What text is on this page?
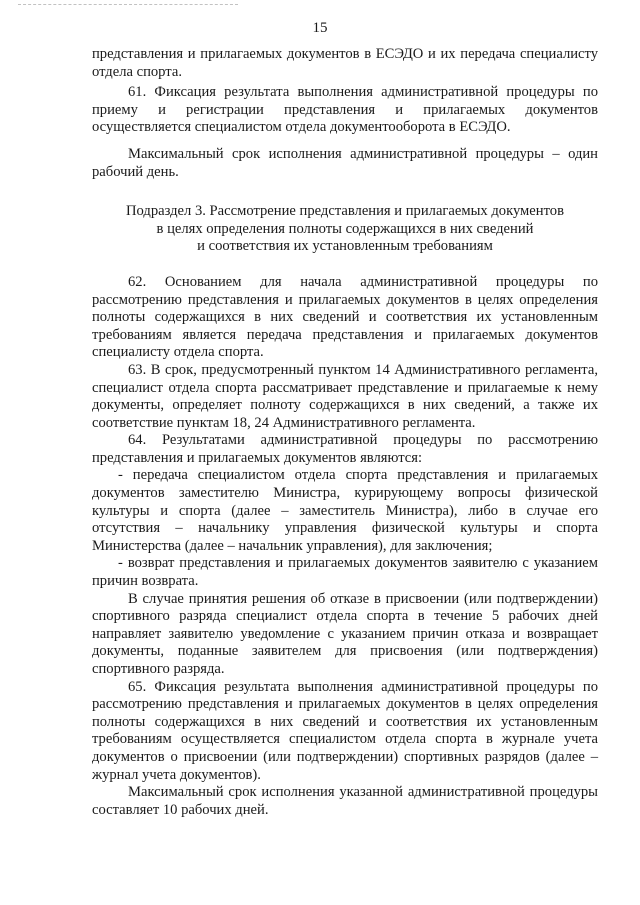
15

представления и прилагаемых документов в ЕСЭДО и их передача специалисту отдела спорта.

61. Фиксация результата выполнения административной процедуры по приему и регистрации представления и прилагаемых документов осуществляется специалистом отдела документооборота в ЕСЭДО.

Максимальный срок исполнения административной процедуры – один рабочий день.

Подраздел 3. Рассмотрение представления и прилагаемых документов
в целях определения полноты содержащихся в них сведений
и соответствия их установленным требованиям

62. Основанием для начала административной процедуры по рассмотрению представления и прилагаемых документов в целях определения полноты содержащихся в них сведений и соответствия их установленным требованиям является передача представления и прилагаемых документов специалисту отдела спорта.

63. В срок, предусмотренный пунктом 14 Административного регламента, специалист отдела спорта рассматривает представление и прилагаемые к нему документы, определяет полноту содержащихся в них сведений, а также их соответствие пунктам 18, 24 Административного регламента.

64. Результатами административной процедуры по рассмотрению представления и прилагаемых документов являются:

- передача специалистом отдела спорта представления и прилагаемых документов заместителю Министра, курирующему вопросы физической культуры и спорта (далее – заместитель Министра), либо в случае его отсутствия – начальнику управления физической культуры и спорта Министерства (далее – начальник управления), для заключения;

- возврат представления и прилагаемых документов заявителю с указанием причин возврата.

В случае принятия решения об отказе в присвоении (или подтверждении) спортивного разряда специалист отдела спорта в течение 5 рабочих дней направляет заявителю уведомление с указанием причин отказа и возвращает документы, поданные заявителем для присвоения (или подтверждения) спортивного разряда.

65. Фиксация результата выполнения административной процедуры по рассмотрению представления и прилагаемых документов в целях определения полноты содержащихся в них сведений и соответствия их установленным требованиям осуществляется специалистом отдела спорта в журнале учета документов о присвоении (или подтверждении) спортивных разрядов (далее – журнал учета документов).

Максимальный срок исполнения указанной административной процедуры составляет 10 рабочих дней.
